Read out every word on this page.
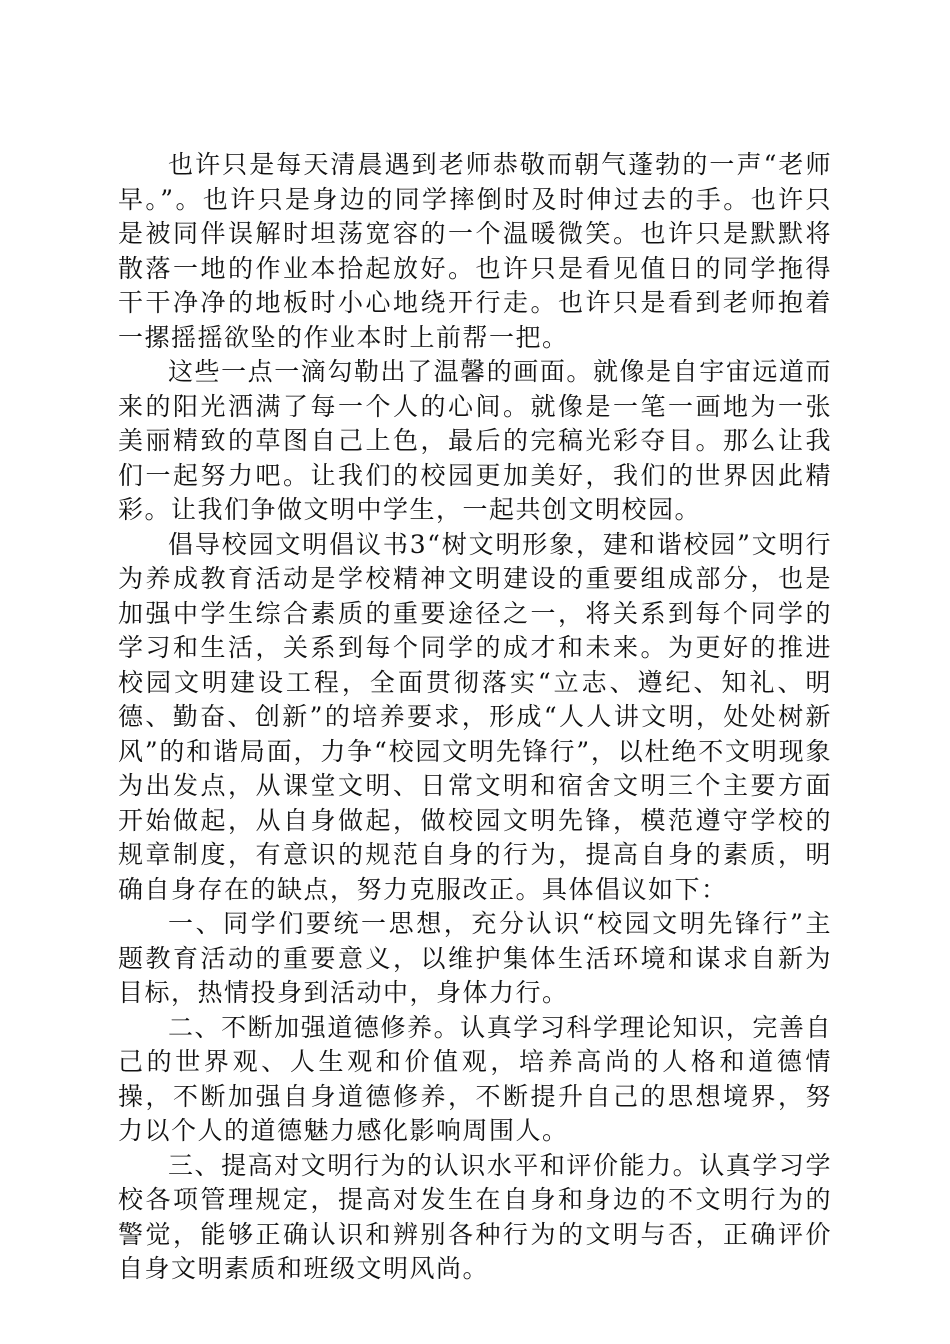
也许只是每天清晨遇到老师恭敬而朝气蓬勃的一声“老师早。”。也许只是身边的同学摔倒时及时伸过去的手。也许只是被同伴误解时坦荡宽容的一个温暖微笑。也许只是默默将散落一地的作业本拾起放好。也许只是看见值日的同学拖得干干净净的地板时小心地绕开行走。也许只是看到老师抱着一摞摇摇欲坠的作业本时上前帮一把。

这些一点一滴勾勒出了温馨的画面。就像是自宇宙远道而来的阳光洒满了每一个人的心间。就像是一笔一画地为一张美丽精致的草图自己上色，最后的完稿光彩夺目。那么让我们一起努力吧。让我们的校园更加美好，我们的世界因此精彩。让我们争做文明中学生，一起共创文明校园。

倡导校园文明倡议书3“树文明形象，建和谐校园”文明行为养成教育活动是学校精神文明建设的重要组成部分，也是加强中学生综合素质的重要途径之一，将关系到每个同学的学习和生活，关系到每个同学的成才和未来。为更好的推进校园文明建设工程，全面贯彻落实“立志、遵纪、知礼、明德、勤奋、创新”的培养要求，形成“人人讲文明，处处树新风”的和谐局面，力争“校园文明先锋行”，以杜绝不文明现象为出发点，从课堂文明、日常文明和宿舍文明三个主要方面开始做起，从自身做起，做校园文明先锋，模范遵守学校的规章制度，有意识的规范自身的行为，提高自身的素质，明确自身存在的缺点，努力克服改正。具体倡议如下：

一、同学们要统一思想，充分认识“校园文明先锋行”主题教育活动的重要意义，以维护集体生活环境和谋求自新为目标，热情投身到活动中，身体力行。

二、不断加强道德修养。认真学习科学理论知识，完善自己的世界观、人生观和价值观，培养高尚的人格和道德情操，不断加强自身道德修养，不断提升自己的思想境界，努力以个人的道德魅力感化影响周围人。

三、提高对文明行为的认识水平和评价能力。认真学习学校各项管理规定，提高对发生在自身和身边的不文明行为的警觉，能够正确认识和辨别各种行为的文明与否，正确评价自身文明素质和班级文明风尚。
